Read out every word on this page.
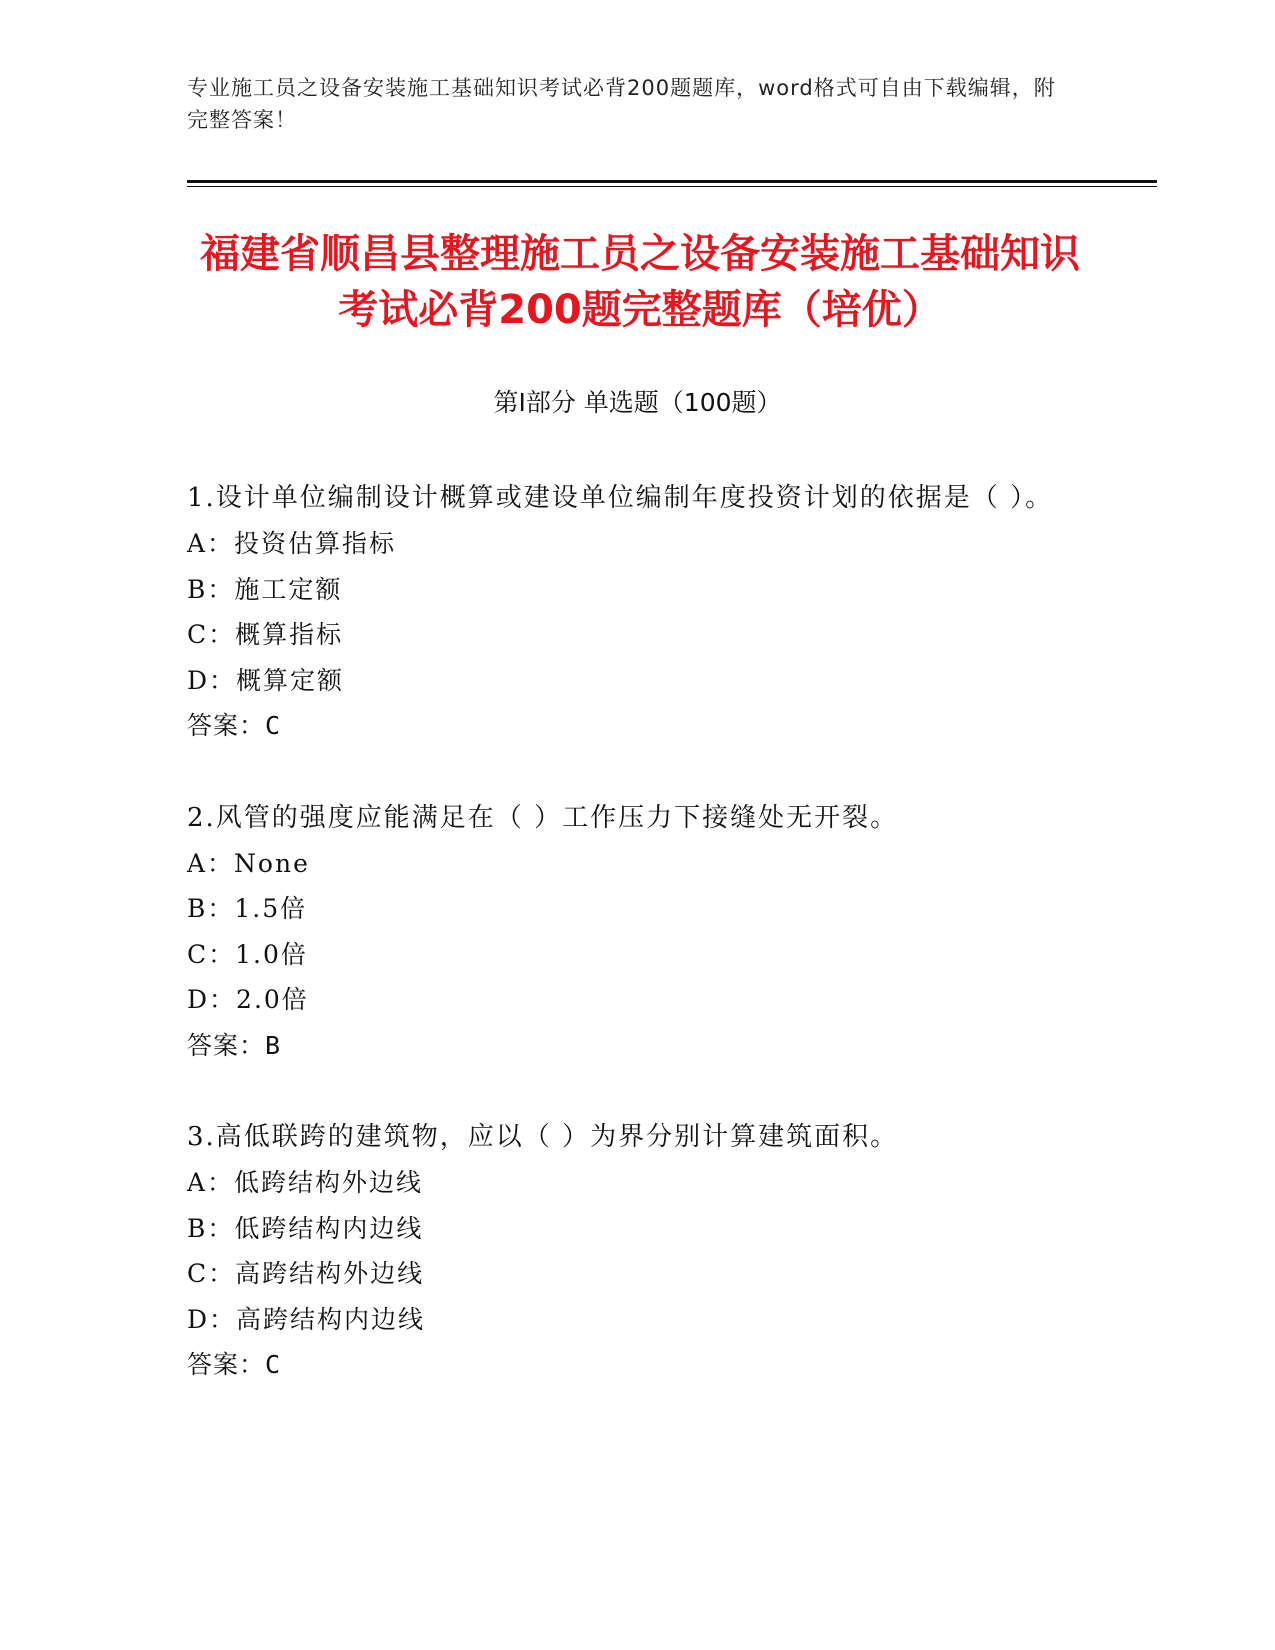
专业施工员之设备安装施工基础知识考试必背200题题库，word格式可自由下载编辑，附完整答案！
福建省顺昌县整理施工员之设备安装施工基础知识考试必背200题完整题库（培优）
第I部分 单选题（100题）

1.设计单位编制设计概算或建设单位编制年度投资计划的依据是（ ）。

A：投资估算指标

B：施工定额

C：概算指标

D：概算定额

答案：C

2.风管的强度应能满足在（ ）工作压力下接缝处无开裂。

A：None

B：1.5倍

C：1.0倍

D：2.0倍

答案：B

3.高低联跨的建筑物，应以（ ）为界分别计算建筑面积。

A：低跨结构外边线

B：低跨结构内边线

C：高跨结构外边线

D：高跨结构内边线

答案：C
